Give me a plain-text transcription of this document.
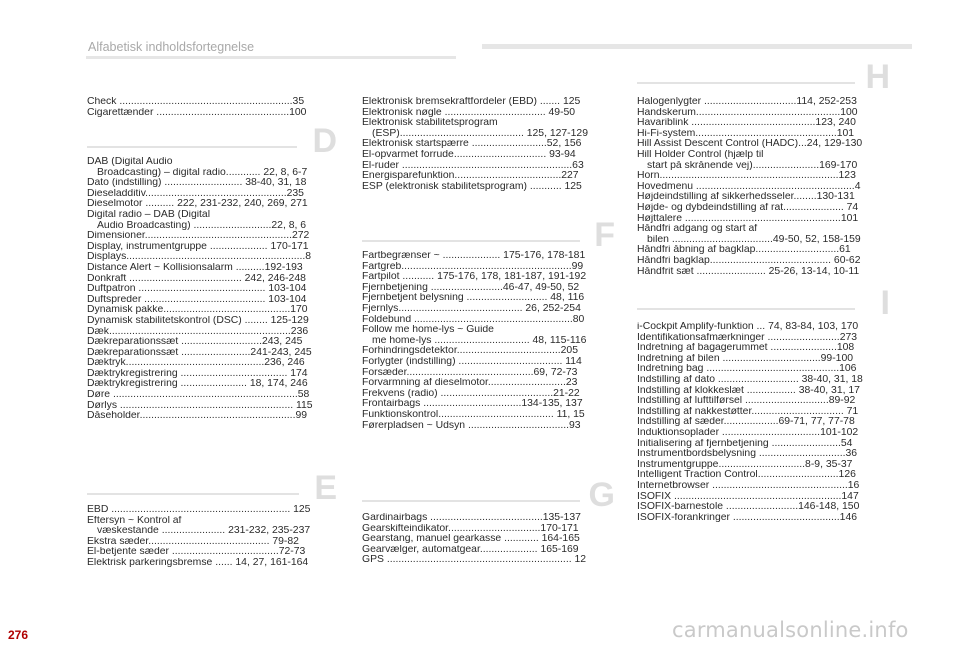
Alfabetisk indholdsfortegnelse
Check ............................................................35
Cigarettænder ..............................................100
D
DAB (Digital Audio
Broadcasting) – digital radio............ 22, 8, 6-7
Dato (indstilling) ........................... 38-40, 31, 18
Dieseladditiv.................................................235
Dieselmotor .......... 222, 231-232, 240, 269, 271
Digital radio – DAB (Digital
Audio Broadcasting) ...........................22, 8, 6
Dimensioner...................................................272
Display, instrumentgruppe .................... 170-171
Displays..............................................................8
Distance Alert ~ Kollisionsalarm ..........192-193
Donkraft ....................................... 242, 246-248
Duftpatron ............................................ 103-104
Duftspreder .......................................... 103-104
Dynamisk pakke............................................170
Dynamisk stabilitetskontrol (DSC) ........ 125-129
Dæk...............................................................236
Dækreparationssæt ............................243, 245
Dækreparationssæt ........................241-243, 245
Dæktryk................................................236, 246
Dæktrykregistrering ..................................... 174
Dæktrykregistrering ....................... 18, 174, 246
Døre ................................................................58
Dørlys ............................................................ 115
Dåseholder......................................................99
E
EBD .............................................................. 125
Eftersyn ~ Kontrol af
væskestande ...................... 231-232, 235-237
Ekstra sæder.......................................... 79-82
El-betjente sæder .....................................72-73
Elektrisk parkeringsbremse ...... 14, 27, 161-164
Elektronisk bremsekraftfordeler (EBD) ....... 125
Elektronisk nøgle ................................... 49-50
Elektronisk stabilitetsprogram
(ESP)........................................... 125, 127-129
Elektronisk startspærre ..........................52, 156
El-opvarmet forrude................................ 93-94
El-ruder ...........................................................63
Energisparefunktion.....................................227
ESP (elektronisk stabilitetsprogram) ........... 125
F
Fartbegrænser ~ .................... 175-176, 178-181
Fartgreb...........................................................99
Fartpilot ........... 175-176, 178, 181-187, 191-192
Fjernbetjening .........................46-47, 49-50, 52
Fjernbetjent belysning ............................ 48, 116
Fjernlys........................................... 26, 252-254
Foldebund .......................................................80
Follow me home-lys ~ Guide
me home-lys ................................. 48, 115-116
Forhindringsdetektor....................................205
Forlygter (indstilling) .................................... 114
Forsæder............................................69, 72-73
Forvarmning af dieselmotor...........................23
Frekvens (radio) .......................................21-22
Frontairbags ..................................134-135, 137
Funktionskontrol........................................ 11, 15
Førerpladsen ~ Udsyn ...................................93
G
Gardinairbags .......................................135-137
Gearskifteindikator................................170-171
Gearstang, manuel gearkasse ............ 164-165
Gearvælger, automatgear.................... 165-169
GPS ................................................................ 12
H
Halogenlygter ................................114, 252-253
Handskerum..................................................100
Havariblink ...........................................123, 240
Hi-Fi-system.................................................101
Hill Assist Descent Control (HADC)...24, 129-130
Hill Holder Control (hjælp til
start på skrånende vej).......................169-170
Horn..............................................................123
Hovedmenu .......................................................4
Højdeindstilling af sikkerhedsseler........130-131
Højde- og dybdeindstilling af rat..................... 74
Højttalere ......................................................101
Håndfri adgang og start af
bilen ...................................49-50, 52, 158-159
Håndfri åbning af bagklap.............................61
Håndfri bagklap.......................................... 60-62
Håndfrit sæt ........................ 25-26, 13-14, 10-11
I
i-Cockpit Amplify-funktion ... 74, 83-84, 103, 170
Identifikationsafmærkninger .........................273
Indretning af bagagerummet .......................108
Indretning af bilen ..................................99-100
Indretning bag ..............................................106
Indstilling af dato ............................ 38-40, 31, 18
Indstilling af klokkeslæt ................. 38-40, 31, 17
Indstilling af lufttilførsel .............................89-92
Indstilling af nakkestøtter................................ 71
Indstilling af sæder...................69-71, 77, 77-78
Induktionsoplader ..................................101-102
Initialisering af fjernbetjening ........................54
Instrumentbordsbelysning ..............................36
Instrumentgruppe..............................8-9, 35-37
Intelligent Traction Control............................126
Internetbrowser ...............................................16
ISOFIX ..........................................................147
ISOFIX-barnestole .........................146-148, 150
ISOFIX-forankringer .....................................146
276	carmanualsonline.info
